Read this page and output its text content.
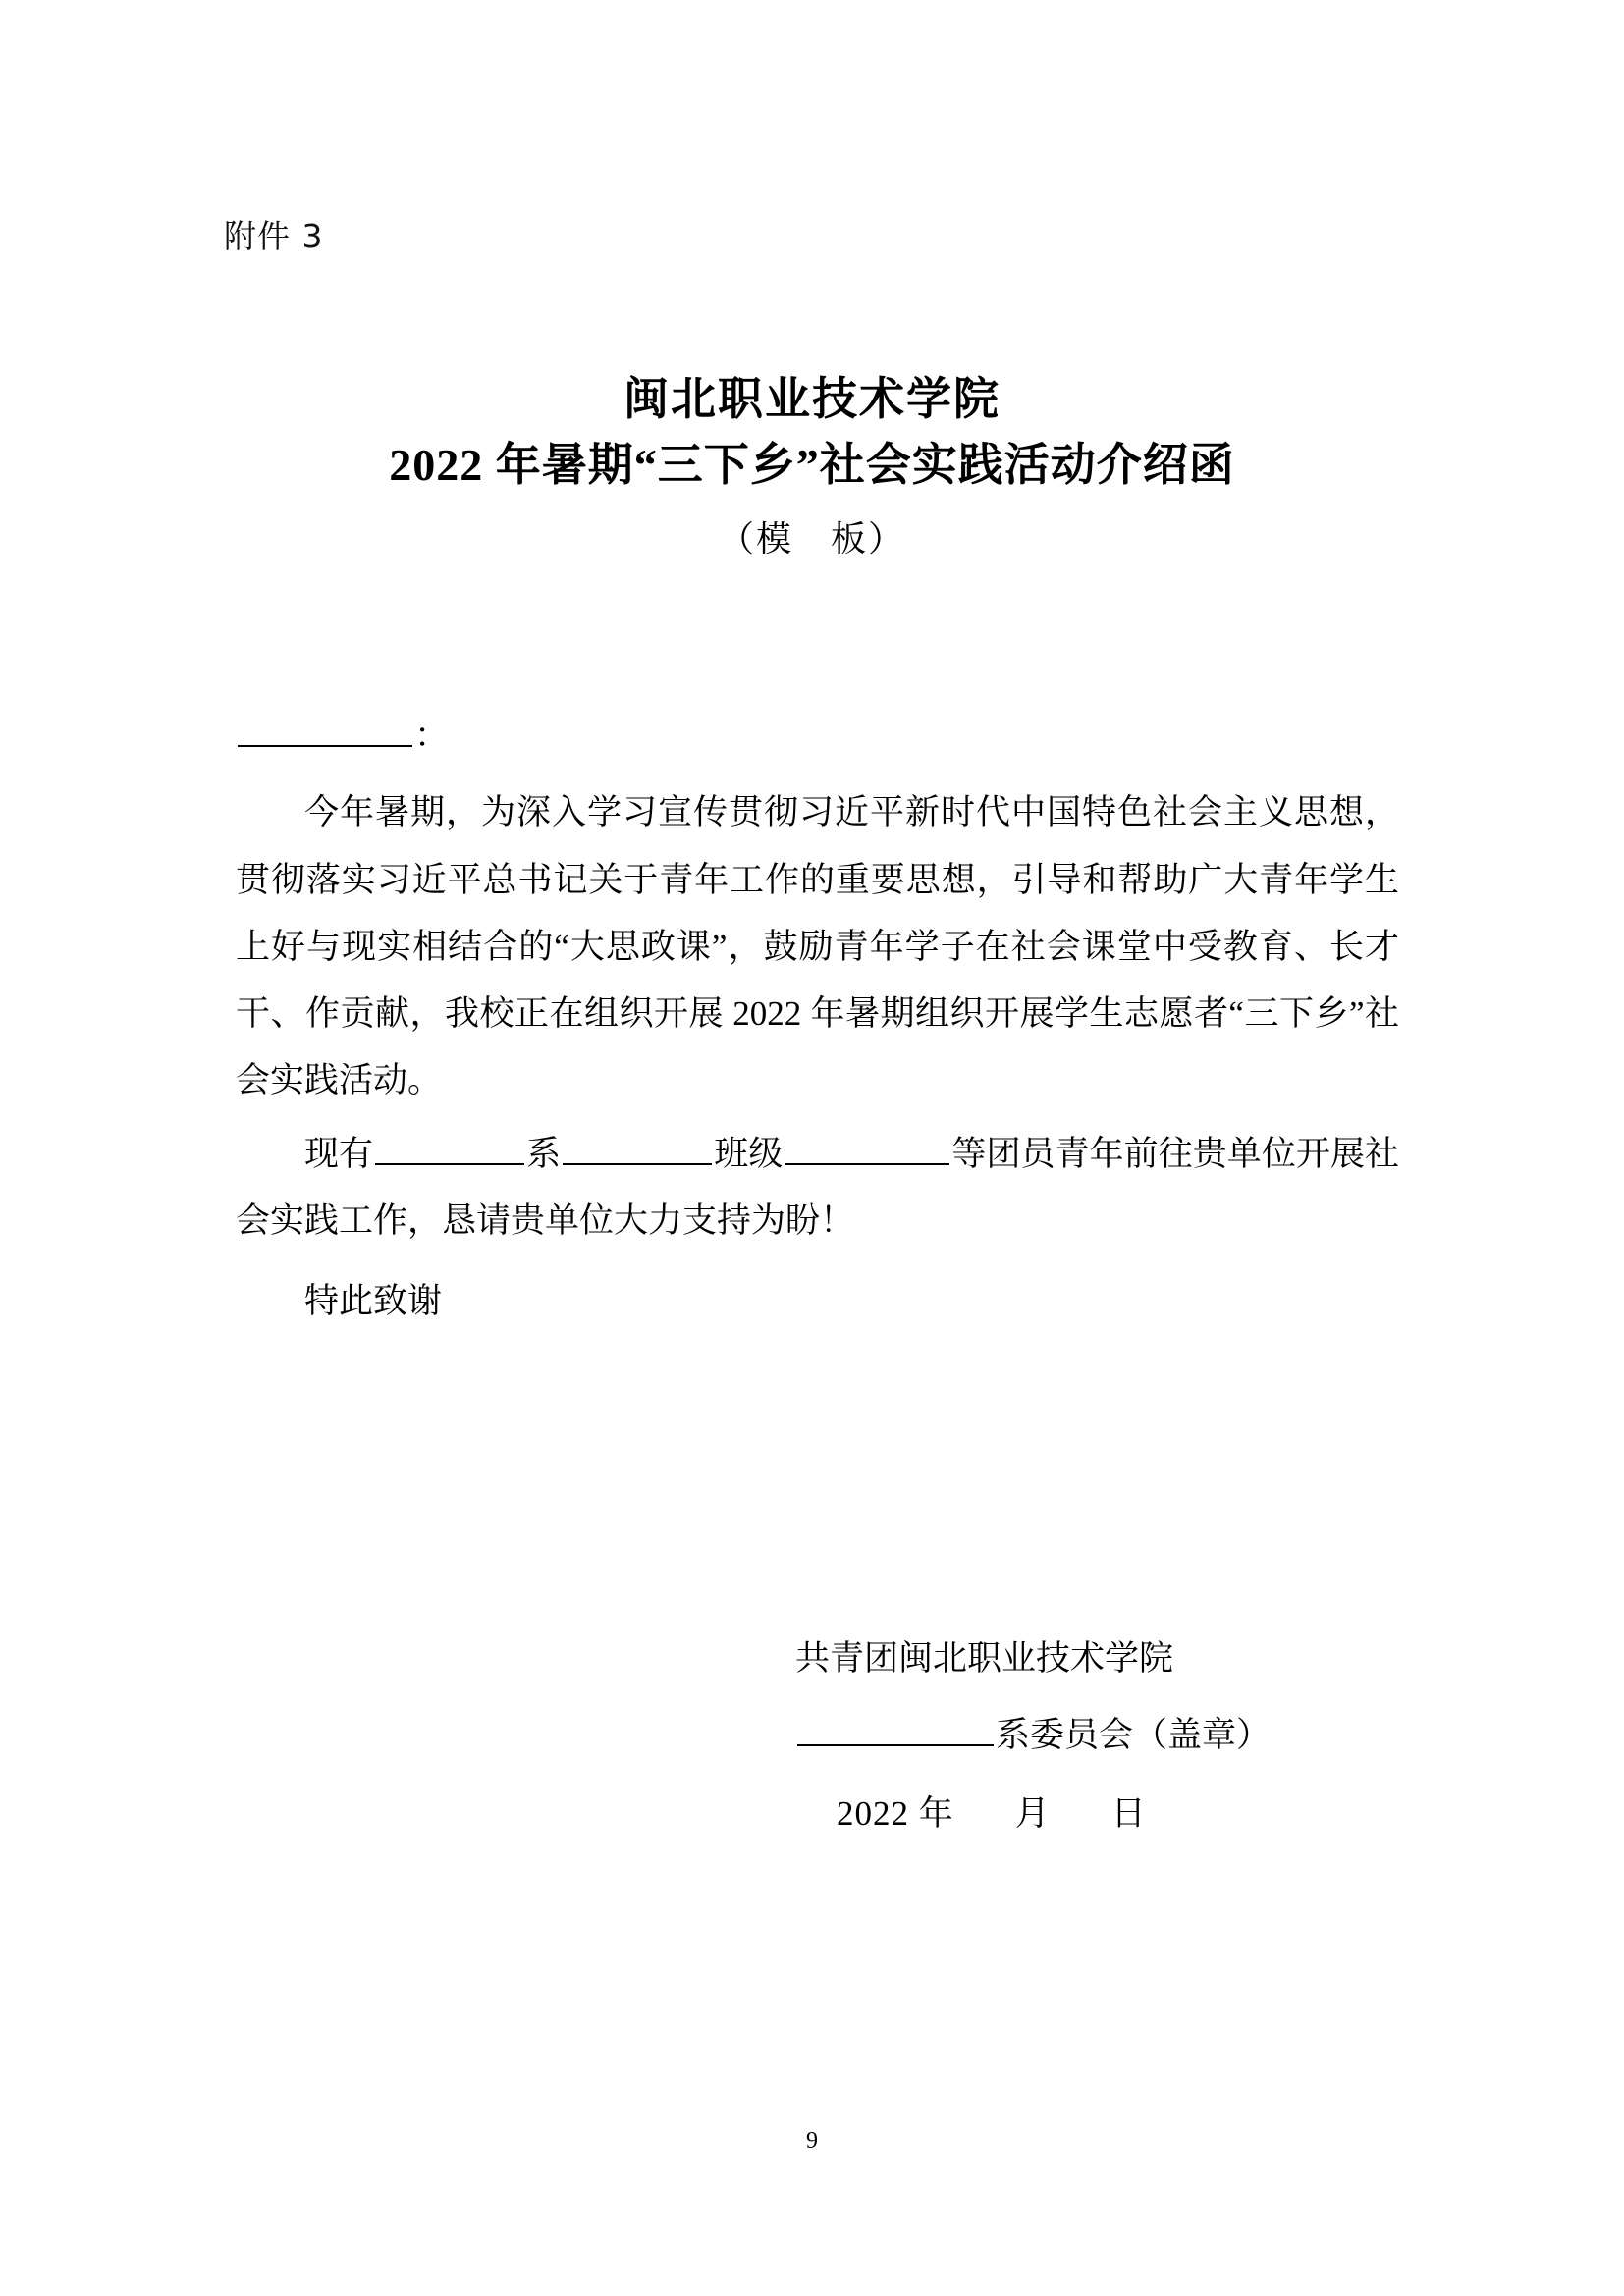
附件 3
闽北职业技术学院
2022 年暑期“三下乡”社会实践活动介绍函
（模　板）
：

今年暑期，为深入学习宣传贯彻习近平新时代中国特色社会主义思想，贯彻落实习近平总书记关于青年工作的重要思想，引导和帮助广大青年学生上好与现实相结合的“大思政课”，鼓励青年学子在社会课堂中受教育、长才干、作贡献，我校正在组织开展 2022 年暑期组织开展学生志愿者“三下乡”社会实践活动。

现有	系	班级	等团员青年前往贵单位开展社会实践工作，恳请贵单位大力支持为盼！

特此致谢

共青团闽北职业技术学院
系委员会（盖章）
2022 年 月 日
9
